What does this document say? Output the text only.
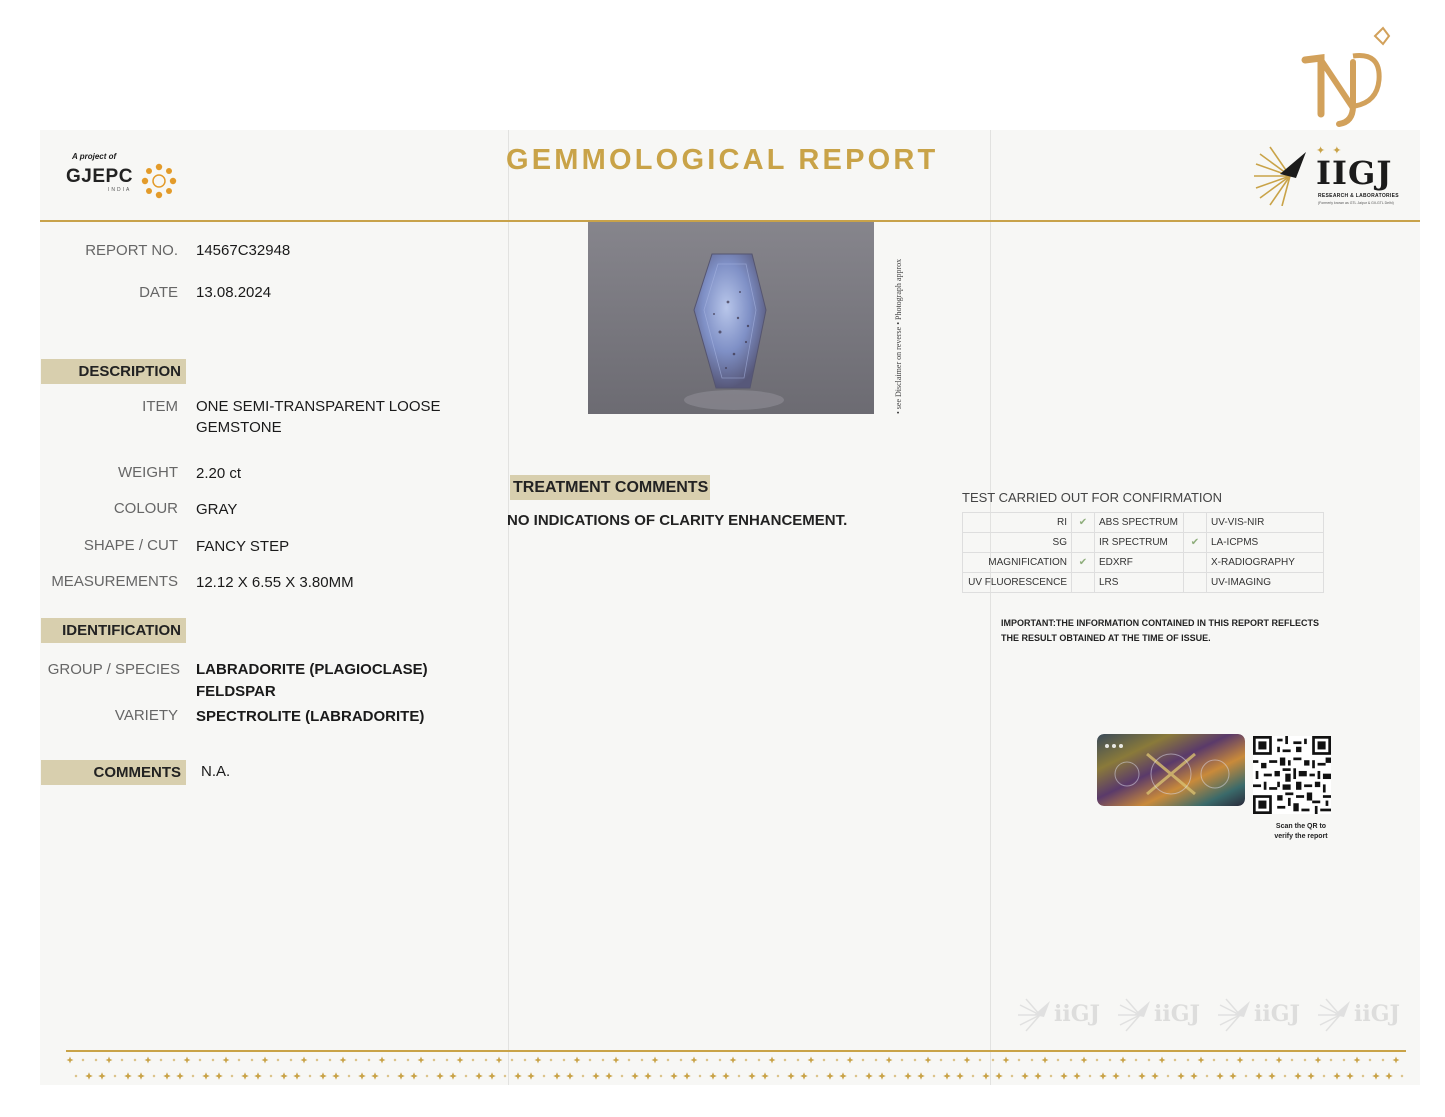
A project of
GJEPC
INDIA
GEMMOLOGICAL REPORT	✦ ✦
IIGJ
RESEARCH & LABORATORIES
(Formerly known as GTL Jaipur & GII-GTL Delhi)
REPORT NO. 14567C32948
DATE 13.08.2024
DESCRIPTION
ITEM ONE SEMI-TRANSPARENT LOOSE
GEMSTONE
WEIGHT 2.20 ct
COLOUR GRAY
SHAPE / CUT FANCY STEP
MEASUREMENTS 12.12 X 6.55 X 3.80MM
IDENTIFICATION
GROUP / SPECIES LABRADORITE (PLAGIOCLASE)
FELDSPAR
VARIETY SPECTROLITE (LABRADORITE)
COMMENTS	N.A.
• see Disclaimer on reverse • Photograph approx
TREATMENT COMMENTS
NO INDICATIONS OF CLARITY ENHANCEMENT.
TEST CARRIED OUT FOR CONFIRMATION
RI	✔	ABS SPECTRUM		UV-VIS-NIR
SG		IR SPECTRUM	✔	LA-ICPMS
MAGNIFICATION	✔	EDXRF		X-RADIOGRAPHY
UV FLUORESCENCE		LRS		UV-IMAGING
IMPORTANT:THE INFORMATION CONTAINED IN THIS REPORT REFLECTS THE RESULT OBTAINED AT THE TIME OF ISSUE.
Scan the QR to
verify the report
iiGJ iiGJ iiGJ iiGJ
